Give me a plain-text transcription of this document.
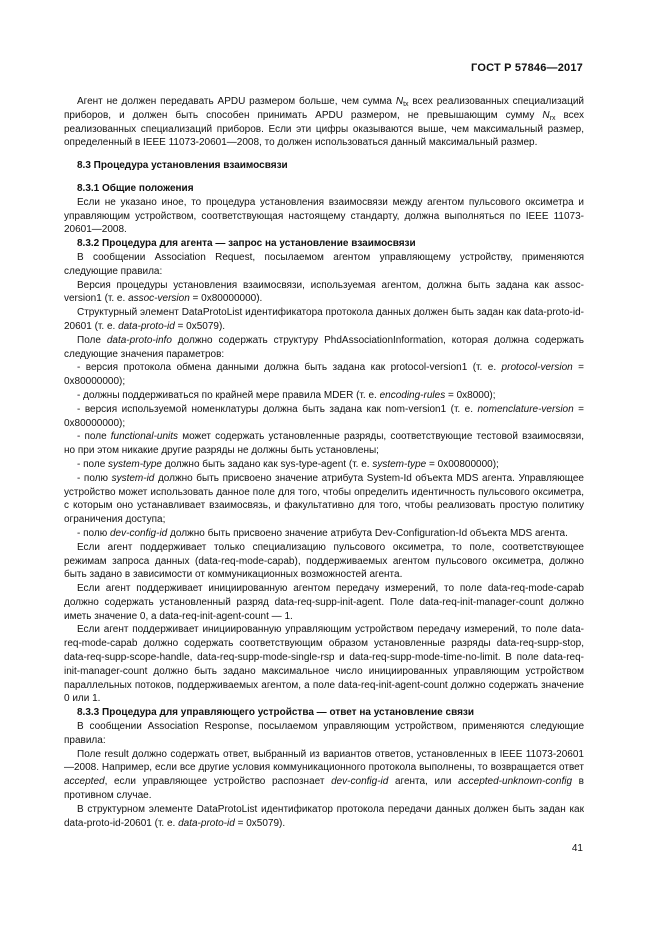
ГОСТ Р 57846—2017

Агент не должен передавать APDU размером больше, чем сумма $N_{tx}$ всех реализованных специализаций приборов, и должен быть способен принимать APDU размером, не превышающим сумму $N_{rx}$ всех реализованных специализаций приборов. Если эти цифры оказываются выше, чем максимальный размер, определенный в IEEE 11073-20601—2008, то должен использоваться данный максимальный размер.

8.3 Процедура установления взаимосвязи

8.3.1 Общие положения

Если не указано иное, то процедура установления взаимосвязи между агентом пульсового оксиметра и управляющим устройством, соответствующая настоящему стандарту, должна выполняться по IEEE 11073-20601—2008.

8.3.2 Процедура для агента — запрос на установление взаимосвязи

В сообщении Association Request, посылаемом агентом управляющему устройству, применяются следующие правила:

Версия процедуры установления взаимосвязи, используемая агентом, должна быть задана как assoc-version1 (т. е. assoc-version = 0x80000000).

Структурный элемент DataProtoList идентификатора протокола данных должен быть задан как data-proto-id-20601 (т. е. data-proto-id = 0x5079).

Поле data-proto-info должно содержать структуру PhdAssociationInformation, которая должна содержать следующие значения параметров:

- версия протокола обмена данными должна быть задана как protocol-version1 (т. е. protocol-version = 0x80000000);

- должны поддерживаться по крайней мере правила MDER (т. е. encoding-rules = 0x8000);

- версия используемой номенклатуры должна быть задана как nom-version1 (т. е. nomenclature-version = 0x80000000);

- поле functional-units может содержать установленные разряды, соответствующие тестовой взаимосвязи, но при этом никакие другие разряды не должны быть установлены;

- поле system-type должно быть задано как sys-type-agent (т. е. system-type = 0x00800000);

- полю system-id должно быть присвоено значение атрибута System-Id объекта MDS агента. Управляющее устройство может использовать данное поле для того, чтобы определить идентичность пульсового оксиметра, с которым оно устанавливает взаимосвязь, и факультативно для того, чтобы реализовать простую политику ограничения доступа;

- полю dev-config-id должно быть присвоено значение атрибута Dev-Configuration-Id объекта MDS агента.

Если агент поддерживает только специализацию пульсового оксиметра, то поле, соответствующее режимам запроса данных (data-req-mode-capab), поддерживаемых агентом пульсового оксиметра, должно быть задано в зависимости от коммуникационных возможностей агента.

Если агент поддерживает инициированную агентом передачу измерений, то поле data-req-mode-capab должно содержать установленный разряд data-req-supp-init-agent. Поле data-req-init-manager-count должно иметь значение 0, а data-req-init-agent-count — 1.

Если агент поддерживает инициированную управляющим устройством передачу измерений, то поле data-req-mode-capab должно содержать соответствующим образом установленные разряды data-req-supp-stop, data-req-supp-scope-handle, data-req-supp-mode-single-rsp и data-req-supp-mode-time-no-limit. В поле data-req-init-manager-count должно быть задано максимальное число инициированных управляющим устройством параллельных потоков, поддерживаемых агентом, а поле data-req-init-agent-count должно содержать значение 0 или 1.

8.3.3 Процедура для управляющего устройства — ответ на установление связи

В сообщении Association Response, посылаемом управляющим устройством, применяются следующие правила:

Поле result должно содержать ответ, выбранный из вариантов ответов, установленных в IEEE 11073-20601—2008. Например, если все другие условия коммуникационного протокола выполнены, то возвращается ответ accepted, если управляющее устройство распознает dev-config-id агента, или accepted-unknown-config в противном случае.

В структурном элементе DataProtoList идентификатор протокола передачи данных должен быть задан как data-proto-id-20601 (т. е. data-proto-id = 0x5079).

41
